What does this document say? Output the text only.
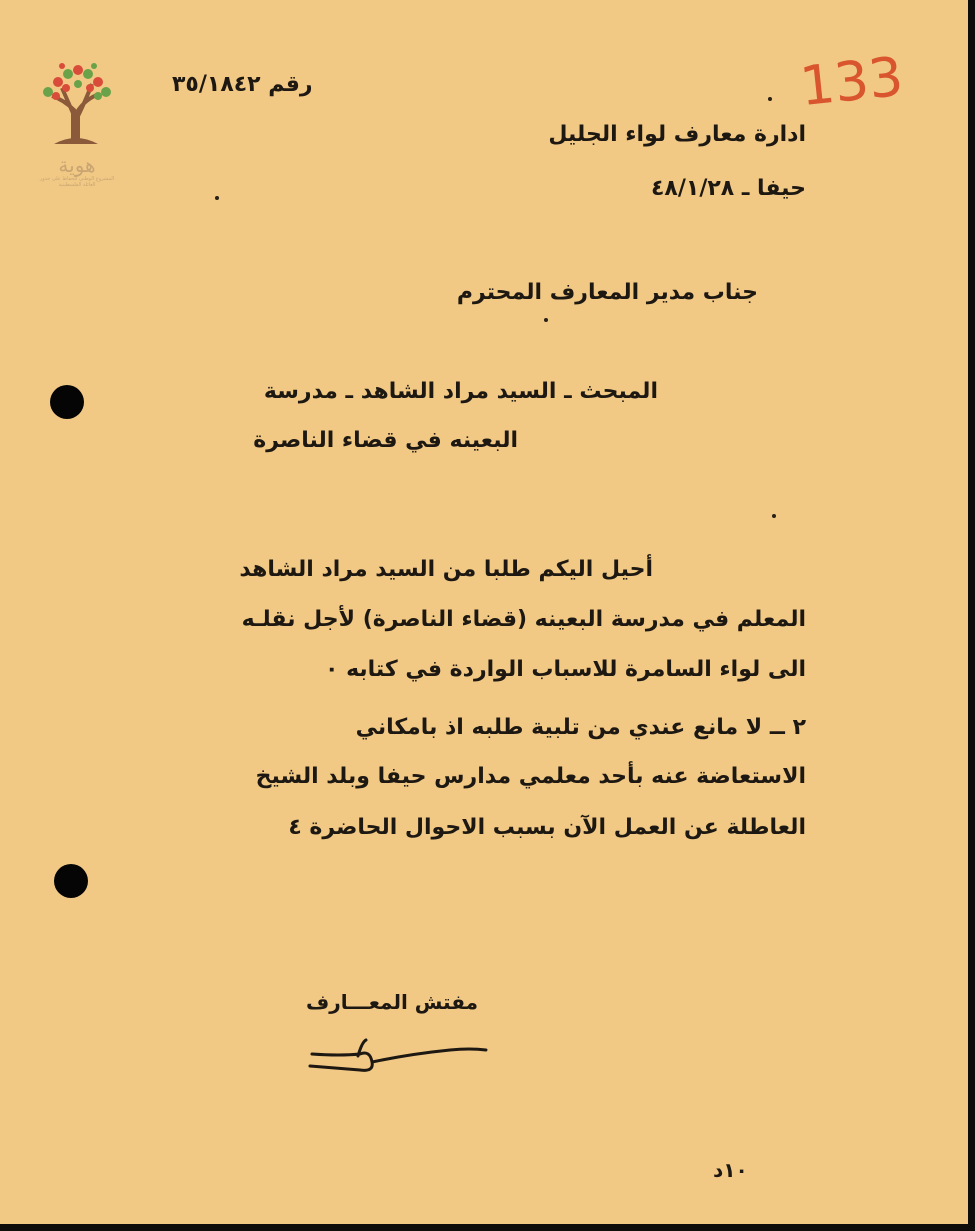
هوية
المشروع الوطني للحفاظ على جذور العائلة الفلسطينية
رقم ٣٥/١٨٤٢	133
ادارة معارف لواء الجليل
حيفا ـ ٤٨/١/٢٨
جناب مدير المعارف المحترم
المبحث ـ السيد مراد الشاهد ـ مدرسة
البعينه في قضاء الناصرة
أحيل اليكم طلبا من السيد مراد الشاهد
المعلم في مدرسة البعينه (قضاء الناصرة) لأجل نقلـه
الى لواء السامرة للاسباب الواردة في كتابه ٠
٢ ــ لا مانع عندي من تلبية طلبه اذ بامكاني
الاستعاضة عنه بأحد معلمي مدارس حيفا وبلد الشيخ
العاطلة عن العمل الآن بسبب الاحوال الحاضرة ٤
مفتش المعـــارف
١٠د
